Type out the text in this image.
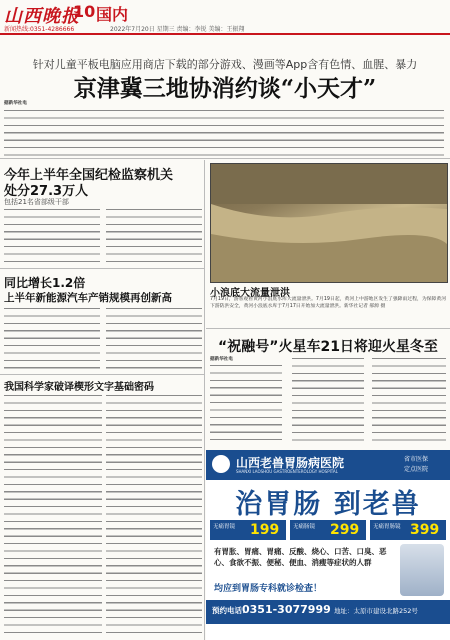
山西晚报
10 国内
新闻热线:0351-4286666	2022年7月20日 星期三 责编：李锐 美编：王振翔
针对儿童平板电脑应用商店下载的部分游戏、漫画等App含有色情、血腥、暴力
京津冀三地协消约谈“小天才”
据新华社电
今年上半年全国纪检监察机关
处分27.3万人
包括21名省部级干部
同比增长1.2倍
上半年新能源汽车产销规模再创新高
我国科学家破译楔形文字基础密码
小浪底大流量泄洪
7月19日，游客观看黄河小浪底水库大流量泄洪。7月19日起，黄河上中游地区发生了强降雨过程，为保障黄河下游防洪安全，黄河小浪底水库于7月17日开始加大流量泄洪。新华社记者 郝源 摄
“祝融号”火星车21日将迎火星冬至
据新华社电
山西老兽胃肠病医院
SHANXI LAOSHOU GASTROENTEROLOGY HOSPITAL
省市医保
定点医院
治胃肠 到老兽
无痛胃镜 199	无痛肠镜 299	无痛胃肠镜 399
有胃胀、胃痛、胃痛、反酸、烧心、口苦、口臭、恶心、食欲不振、便秘、便血、消瘦等症状的人群
均应到胃肠专科就诊检查！
预约电话：
0351-3077999 地址：太原市建设北路252号
